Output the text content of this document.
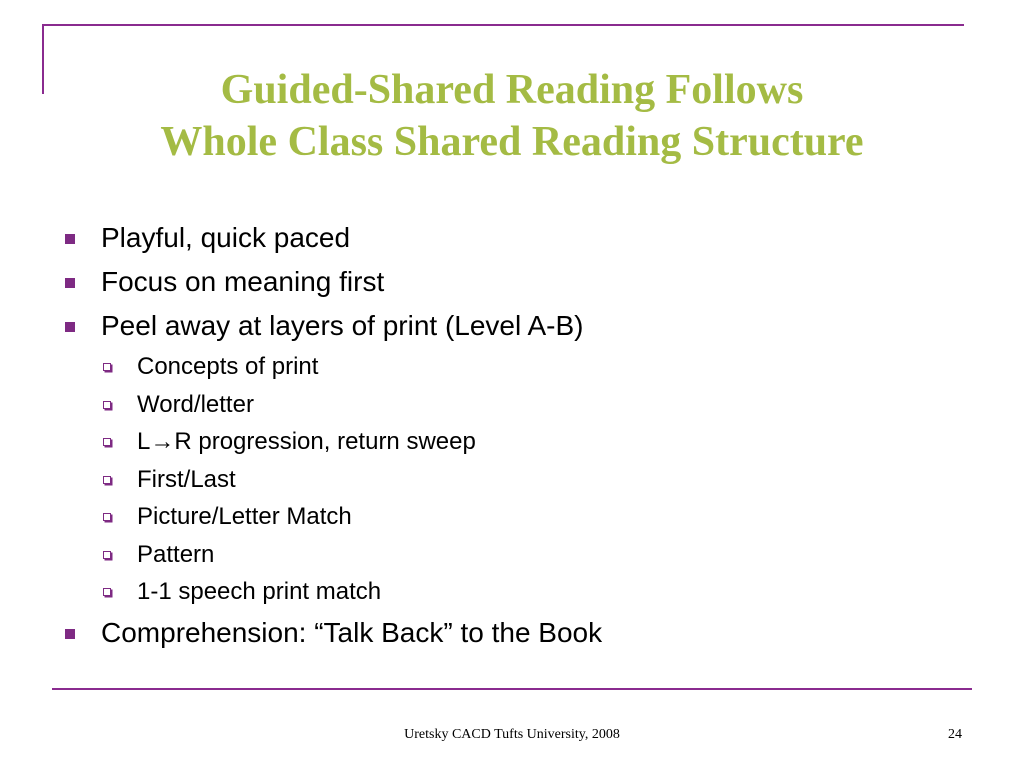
Guided-Shared Reading Follows
Whole Class Shared Reading Structure
Playful, quick paced
Focus on meaning first
Peel away at layers of print (Level A-B)
Concepts of print
Word/letter
L→R progression, return sweep
First/Last
Picture/Letter Match
Pattern
1-1 speech print match
Comprehension: “Talk Back” to the Book
Uretsky CACD Tufts University, 2008	24
